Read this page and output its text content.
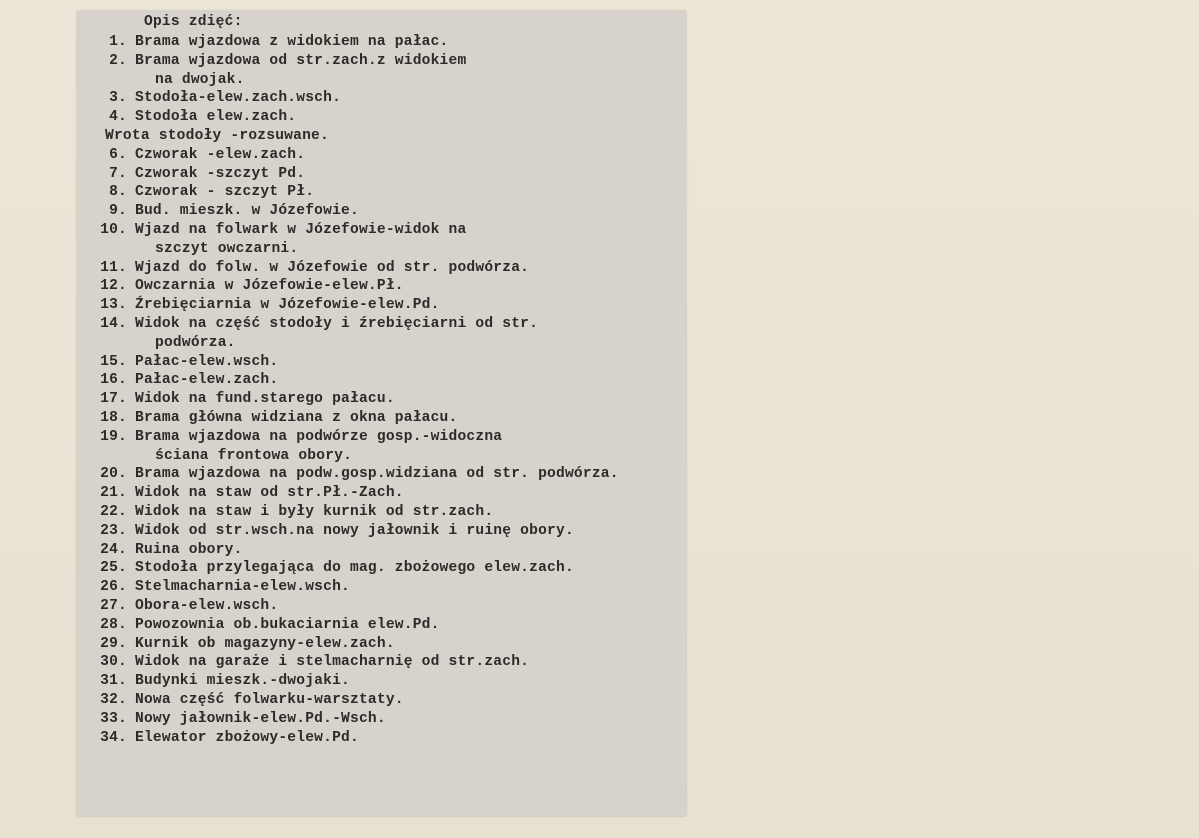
Opis zdięć:
1. Brama wjazdowa z widokiem na pałac.
2. Brama wjazdowa od str.zach.z widokiem
na dwojak.
3. Stodoła-elew.zach.wsch.
4. Stodoła elew.zach.
Wrota stodoły -rozsuwane.
6. Czworak -elew.zach.
7. Czworak -szczyt Pd.
8. Czworak - szczyt Pł.
9. Bud. mieszk. w Józefowie.
10. Wjazd na folwark w Józefowie-widok na
szczyt owczarni.
11. Wjazd do folw. w Józefowie od str. podwórza.
12. Owczarnia w Józefowie-elew.Pł.
13. Źrebięciarnia w Józefowie-elew.Pd.
14. Widok na część stodoły i źrebięciarni od str.
podwórza.
15. Pałac-elew.wsch.
16. Pałac-elew.zach.
17. Widok na fund.starego pałacu.
18. Brama główna widziana z okna pałacu.
19. Brama wjazdowa na podwórze gosp.-widoczna
ściana frontowa obory.
20. Brama wjazdowa na podw.gosp.widziana od str. podwórza.
21. Widok na staw od str.Pł.-Zach.
22. Widok na staw i były kurnik od str.zach.
23. Widok od str.wsch.na nowy jałownik i ruinę obory.
24. Ruina obory.
25. Stodoła przylegająca do mag. zbożowego elew.zach.
26. Stelmacharnia-elew.wsch.
27. Obora-elew.wsch.
28. Powozownia ob.bukaciarnia elew.Pd.
29. Kurnik ob magazyny-elew.zach.
30. Widok na garaże i stelmacharnię od str.zach.
31. Budynki mieszk.-dwojaki.
32. Nowa część folwarku-warsztaty.
33. Nowy jałownik-elew.Pd.-Wsch.
34. Elewator zbożowy-elew.Pd.
